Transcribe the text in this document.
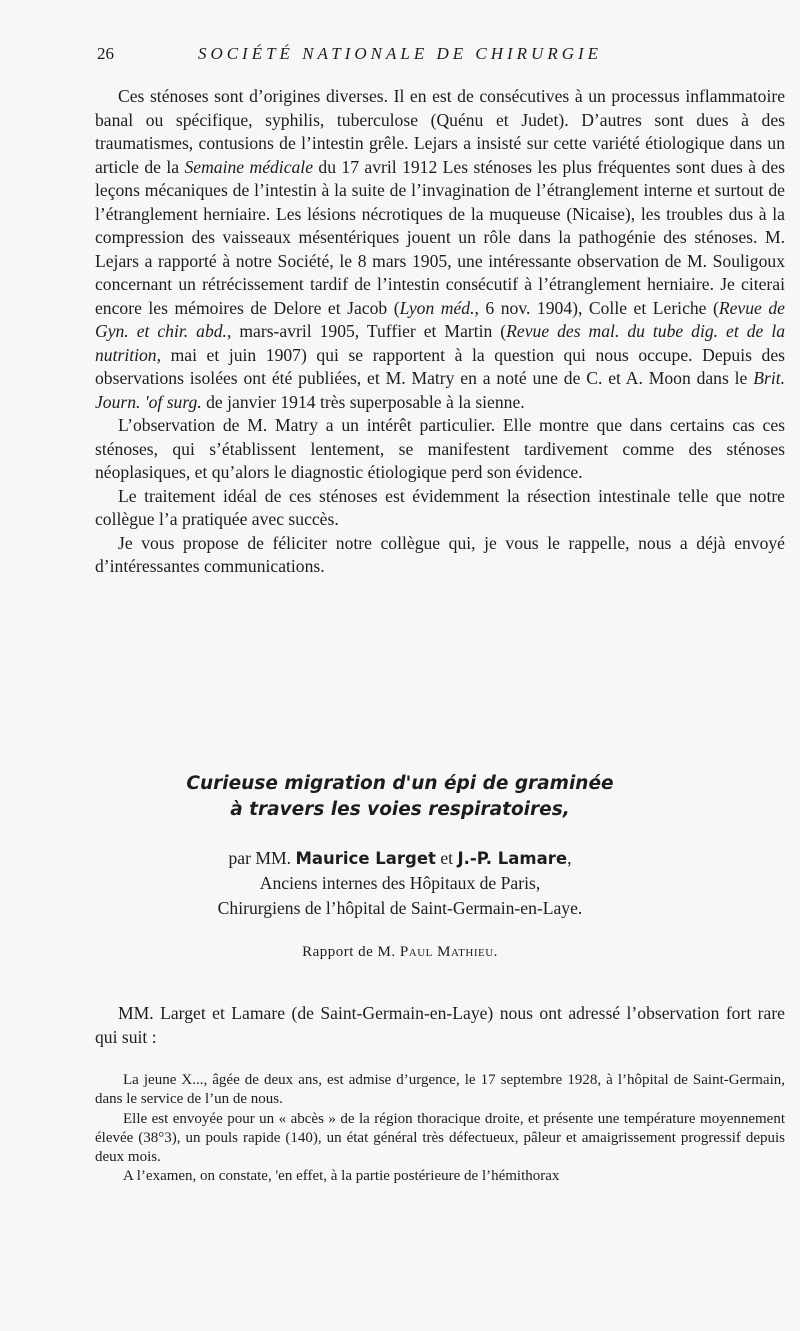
26	SOCIÉTÉ NATIONALE DE CHIRURGIE

Ces sténoses sont d’origines diverses. Il en est de consécutives à un processus inflammatoire banal ou spécifique, syphilis, tuberculose (Quénu et Judet). D’autres sont dues à des traumatismes, contusions de l’intestin grêle. Lejars a insisté sur cette variété étiologique dans un article de la Semaine médicale du 17 avril 1912 Les sténoses les plus fréquentes sont dues à des leçons mécaniques de l’intestin à la suite de l’invagination de l’étranglement interne et surtout de l’étranglement herniaire. Les lésions nécrotiques de la muqueuse (Nicaise), les troubles dus à la compression des vaisseaux mésentériques jouent un rôle dans la pathogénie des sténoses. M. Lejars a rapporté à notre Société, le 8 mars 1905, une intéressante observation de M. Souligoux concernant un rétrécissement tardif de l’intestin consécutif à l’étranglement herniaire. Je citerai encore les mémoires de Delore et Jacob (Lyon méd., 6 nov. 1904), Colle et Leriche (Revue de Gyn. et chir. abd., mars-avril 1905, Tuffier et Martin (Revue des mal. du tube dig. et de la nutrition, mai et juin 1907) qui se rapportent à la question qui nous occupe. Depuis des observations isolées ont été publiées, et M. Matry en a noté une de C. et A. Moon dans le Brit. Journ. 'of surg. de janvier 1914 très superposable à la sienne.

L’observation de M. Matry a un intérêt particulier. Elle montre que dans certains cas ces sténoses, qui s’établissent lentement, se manifestent tardivement comme des sténoses néoplasiques, et qu’alors le diagnostic étiologique perd son évidence.

Le traitement idéal de ces sténoses est évidemment la résection intestinale telle que notre collègue l’a pratiquée avec succès.

Je vous propose de féliciter notre collègue qui, je vous le rappelle, nous a déjà envoyé d’intéressantes communications.

Curieuse migration d'un épi de graminée
à travers les voies respiratoires,
par MM. Maurice Larget et J.-P. Lamare,
Anciens internes des Hôpitaux de Paris,
Chirurgiens de l’hôpital de Saint-Germain-en-Laye.
Rapport de M. Paul Mathieu.

MM. Larget et Lamare (de Saint-Germain-en-Laye) nous ont adressé l’observation fort rare qui suit :

La jeune X..., âgée de deux ans, est admise d’urgence, le 17 septembre 1928, à l’hôpital de Saint-Germain, dans le service de l’un de nous.

Elle est envoyée pour un « abcès » de la région thoracique droite, et présente une température moyennement élevée (38°3), un pouls rapide (140), un état général très défectueux, pâleur et amaigrissement progressif depuis deux mois.

A l’examen, on constate, 'en effet, à la partie postérieure de l’hémithorax
